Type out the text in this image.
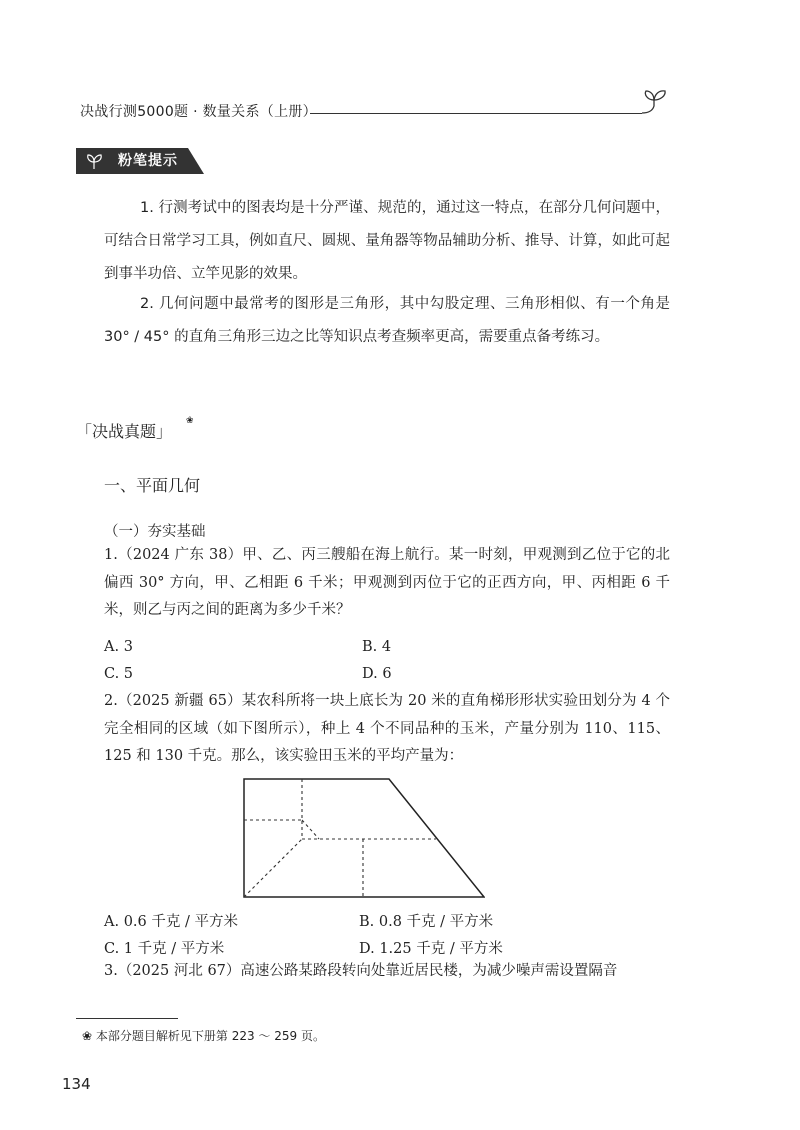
决战行测5000题 · 数量关系（上册）
粉笔提示
1. 行测考试中的图表均是十分严谨、规范的，通过这一特点，在部分几何问题中，可结合日常学习工具，例如直尺、圆规、量角器等物品辅助分析、推导、计算，如此可起到事半功倍、立竿见影的效果。
2. 几何问题中最常考的图形是三角形，其中勾股定理、三角形相似、有一个角是 30° / 45° 的直角三角形三边之比等知识点考查频率更高，需要重点备考练习。
「决战真题」
❀
一、平面几何
（一）夯实基础
1.（2024 广东 38）甲、乙、丙三艘船在海上航行。某一时刻，甲观测到乙位于它的北偏西 30° 方向，甲、乙相距 6 千米；甲观测到丙位于它的正西方向，甲、丙相距 6 千米，则乙与丙之间的距离为多少千米？
A. 3	B. 4
C. 5	D. 6
2.（2025 新疆 65）某农科所将一块上底长为 20 米的直角梯形形状实验田划分为 4 个完全相同的区域（如下图所示），种上 4 个不同品种的玉米，产量分别为 110、115、125 和 130 千克。那么，该实验田玉米的平均产量为：
A. 0.6 千克 / 平方米	B. 0.8 千克 / 平方米
C. 1 千克 / 平方米	D. 1.25 千克 / 平方米
3.（2025 河北 67）高速公路某路段转向处靠近居民楼，为减少噪声需设置隔音
❀ 本部分题目解析见下册第 223 ～ 259 页。
134
